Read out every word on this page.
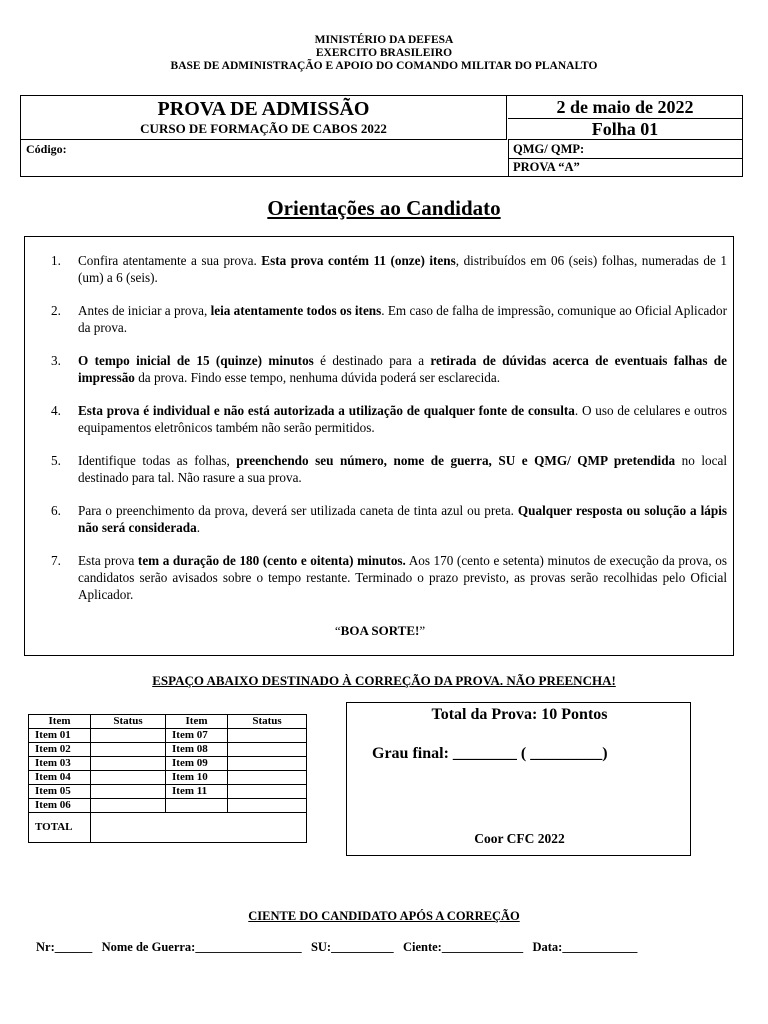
MINISTÉRIO DA DEFESA
EXERCITO BRASILEIRO
BASE DE ADMINISTRAÇÃO E APOIO DO COMANDO MILITAR DO PLANALTO
PROVA DE ADMISSÃO
CURSO DE FORMAÇÃO DE CABOS 2022
2 de maio de 2022
Folha 01
Código:	QMG/ QMP:
PROVA “A”
Orientações ao Candidato
1.	Confira atentamente a sua prova. Esta prova contém 11 (onze) itens, distribuídos em 06 (seis) folhas, numeradas de 1 (um) a 6 (seis).
2.	Antes de iniciar a prova, leia atentamente todos os itens. Em caso de falha de impressão, comunique ao Oficial Aplicador da prova.
3.	O tempo inicial de 15 (quinze) minutos é destinado para a retirada de dúvidas acerca de eventuais falhas de impressão da prova. Findo esse tempo, nenhuma dúvida poderá ser esclarecida.
4.	Esta prova é individual e não está autorizada a utilização de qualquer fonte de consulta. O uso de celulares e outros equipamentos eletrônicos também não serão permitidos.
5.	Identifique todas as folhas, preenchendo seu número, nome de guerra, SU e QMG/ QMP pretendida no local destinado para tal. Não rasure a sua prova.
6.	Para o preenchimento da prova, deverá ser utilizada caneta de tinta azul ou preta. Qualquer resposta ou solução a lápis não será considerada.
7.	Esta prova tem a duração de 180 (cento e oitenta) minutos. Aos 170 (cento e setenta) minutos de execução da prova, os candidatos serão avisados sobre o tempo restante. Terminado o prazo previsto, as provas serão recolhidas pelo Oficial Aplicador.
“BOA SORTE!”
ESPAÇO ABAIXO DESTINADO À CORREÇÃO DA PROVA. NÃO PREENCHA!
Item	Status	Item	Status
Item 01		Item 07	
Item 02		Item 08	
Item 03		Item 09	
Item 04		Item 10	
Item 05		Item 11	
Item 06			
TOTAL			
Total da Prova: 10 Pontos
Grau final: ________ ( _________)
Coor CFC 2022
CIENTE DO CANDIDATO APÓS A CORREÇÃO
Nr:______   Nome de Guerra:_________________   SU:__________   Ciente:_____________   Data:____________
